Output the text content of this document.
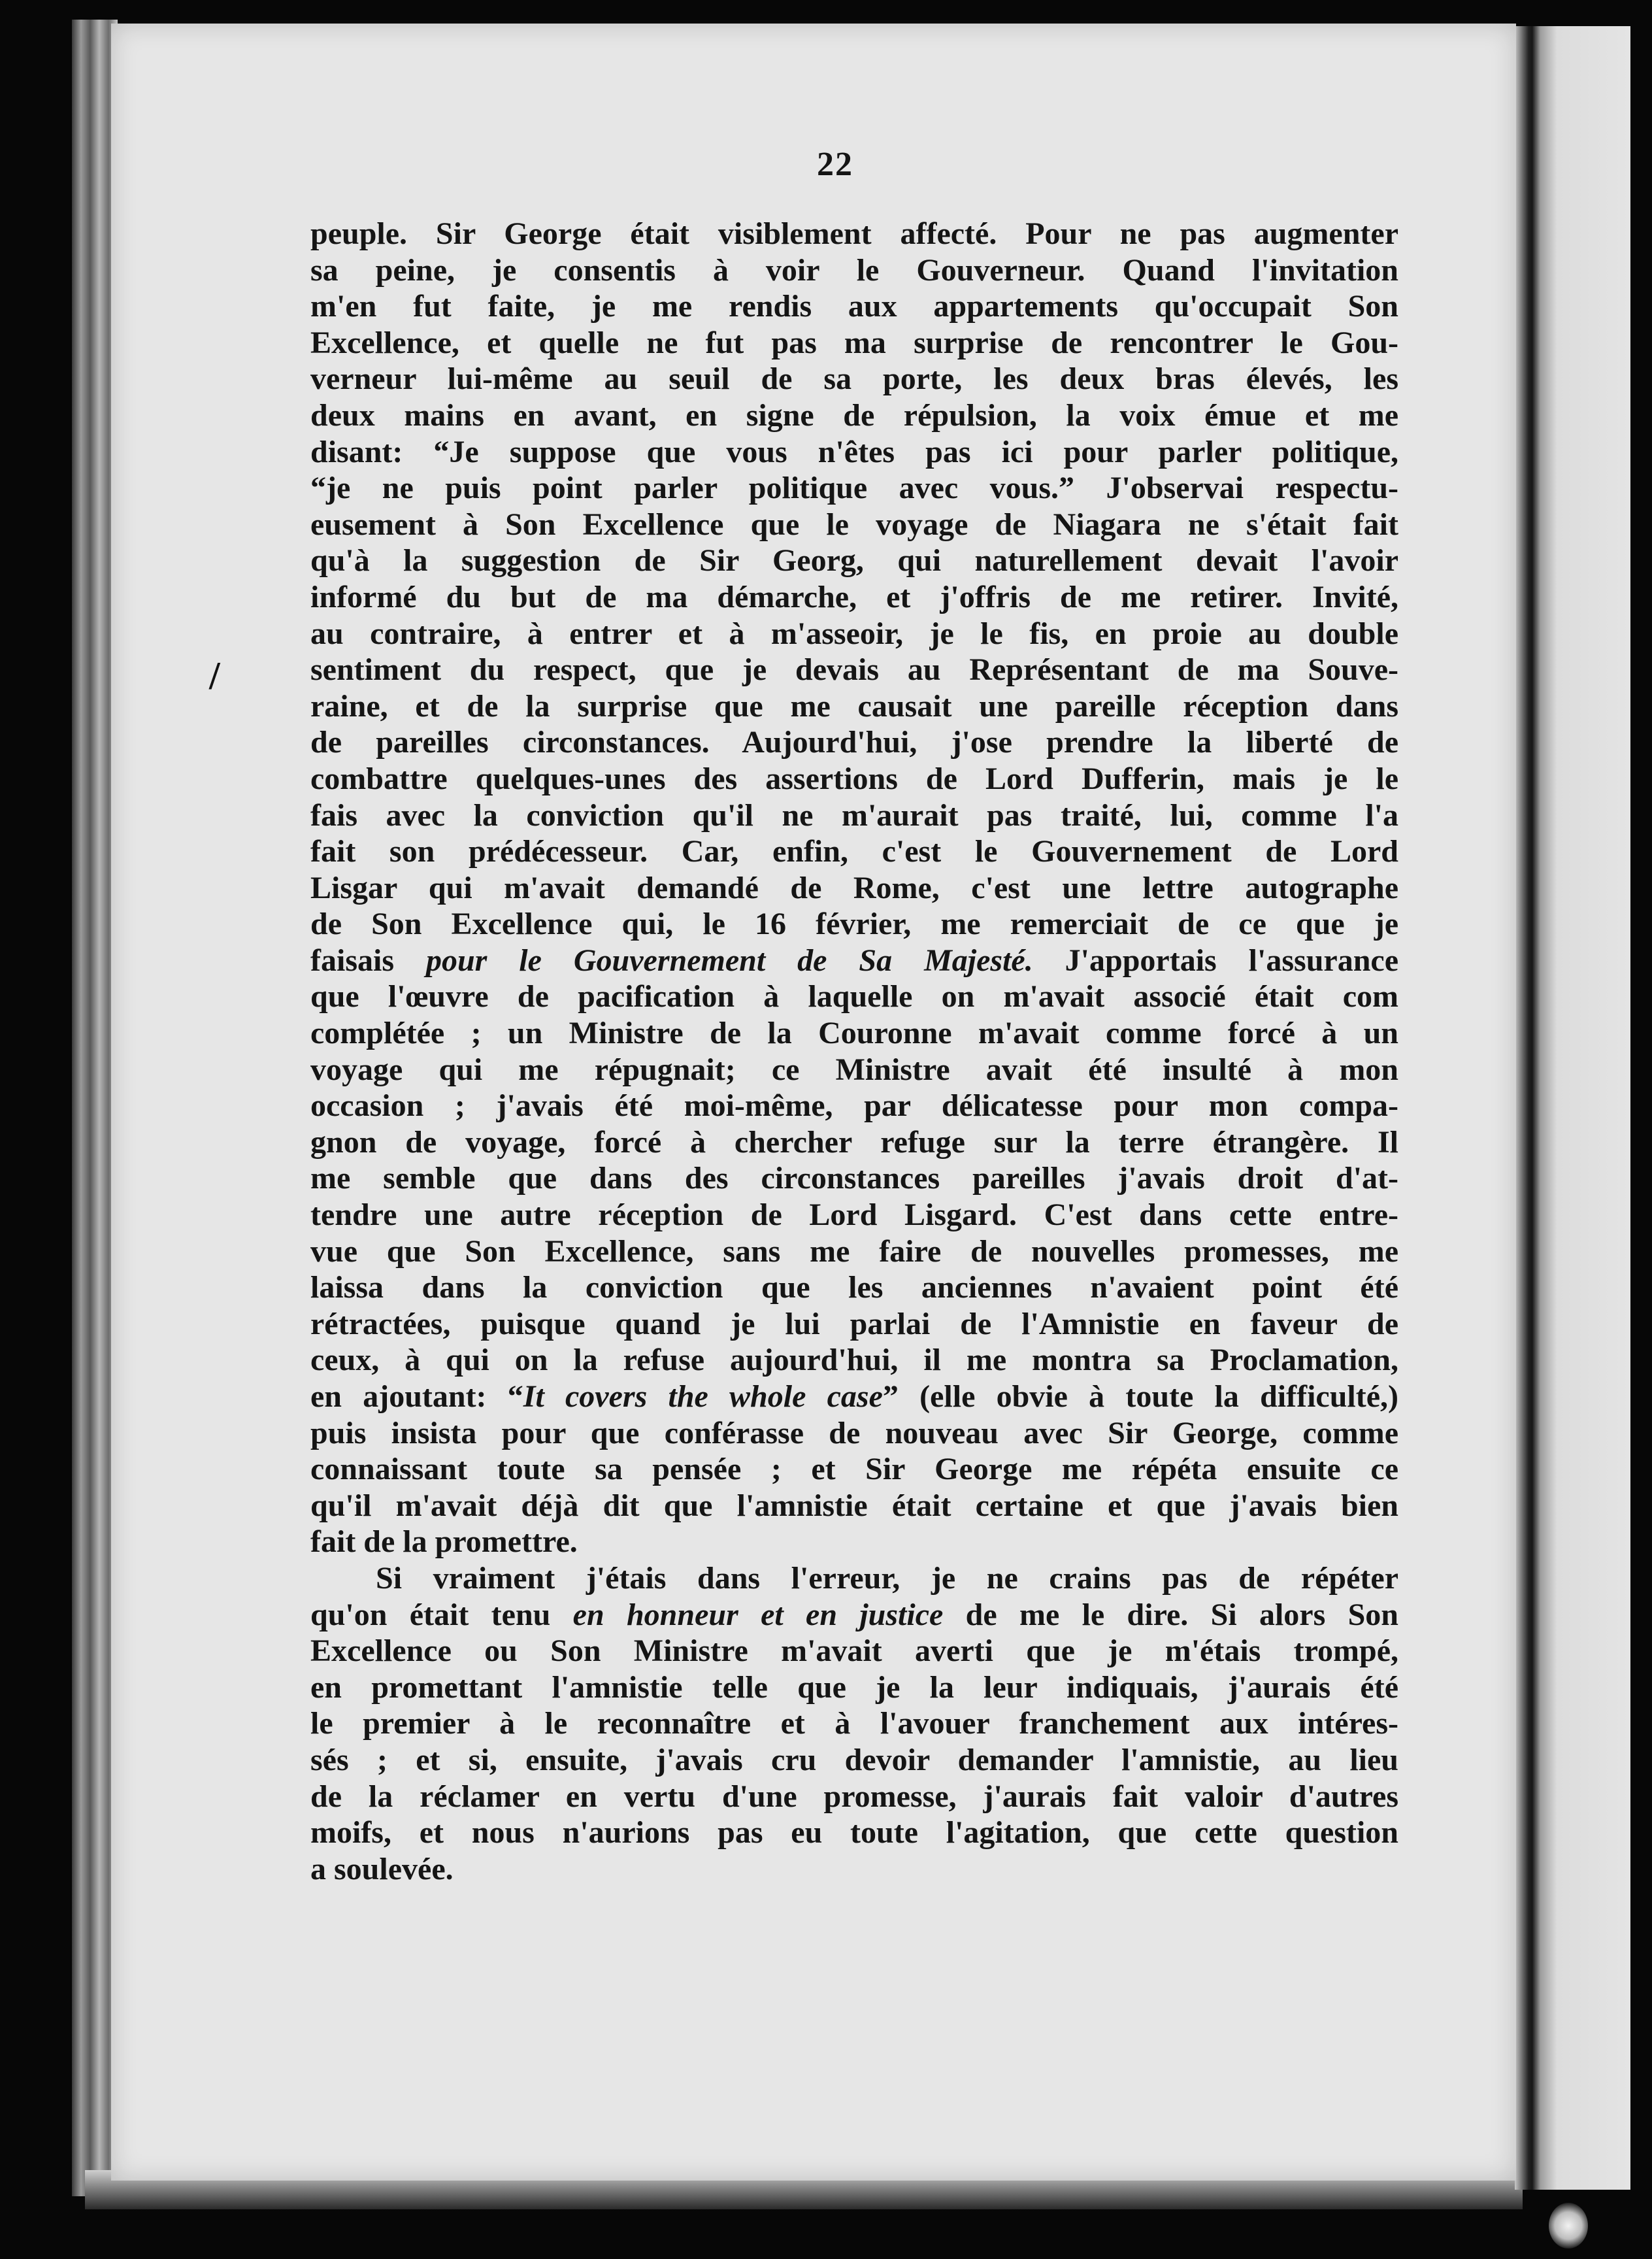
22
peuple. Sir George était visiblement affecté. Pour ne pas augmenter
sa peine, je consentis à voir le Gouverneur. Quand l'invitation
m'en fut faite, je me rendis aux appartements qu'occupait Son
Excellence, et quelle ne fut pas ma surprise de rencontrer le Gou-
verneur lui-même au seuil de sa porte, les deux bras élevés, les
deux mains en avant, en signe de répulsion, la voix émue et me
disant: “Je suppose que vous n'êtes pas ici pour parler politique,
“je ne puis point parler politique avec vous.” J'observai respectu-
eusement à Son Excellence que le voyage de Niagara ne s'était fait
qu'à la suggestion de Sir Georg, qui naturellement devait l'avoir
informé du but de ma démarche, et j'offris de me retirer. Invité,
au contraire, à entrer et à m'asseoir, je le fis, en proie au double
sentiment du respect, que je devais au Représentant de ma Souve-
raine, et de la surprise que me causait une pareille réception dans
de pareilles circonstances. Aujourd'hui, j'ose prendre la liberté de
combattre quelques-unes des assertions de Lord Dufferin, mais je le
fais avec la conviction qu'il ne m'aurait pas traité, lui, comme l'a
fait son prédécesseur. Car, enfin, c'est le Gouvernement de Lord
Lisgar qui m'avait demandé de Rome, c'est une lettre autographe
de Son Excellence qui, le 16 février, me remerciait de ce que je
faisais pour le Gouvernement de Sa Majesté. J'apportais l'assurance
que l'œuvre de pacification à laquelle on m'avait associé était com
complétée ; un Ministre de la Couronne m'avait comme forcé à un
voyage qui me répugnait; ce Ministre avait été insulté à mon
occasion ; j'avais été moi-même, par délicatesse pour mon compa-
gnon de voyage, forcé à chercher refuge sur la terre étrangère. Il
me semble que dans des circonstances pareilles j'avais droit d'at-
tendre une autre réception de Lord Lisgard. C'est dans cette entre-
vue que Son Excellence, sans me faire de nouvelles promesses, me
laissa dans la conviction que les anciennes n'avaient point été
rétractées, puisque quand je lui parlai de l'Amnistie en faveur de
ceux, à qui on la refuse aujourd'hui, il me montra sa Proclamation,
en ajoutant: “It covers the whole case” (elle obvie à toute la difficulté,)
puis insista pour que conférasse de nouveau avec Sir George, comme
connaissant toute sa pensée ; et Sir George me répéta ensuite ce
qu'il m'avait déjà dit que l'amnistie était certaine et que j'avais bien
fait de la promettre.
Si vraiment j'étais dans l'erreur, je ne crains pas de répéter
qu'on était tenu en honneur et en justice de me le dire. Si alors Son
Excellence ou Son Ministre m'avait averti que je m'étais trompé,
en promettant l'amnistie telle que je la leur indiquais, j'aurais été
le premier à le reconnaître et à l'avouer franchement aux intéres-
sés ; et si, ensuite, j'avais cru devoir demander l'amnistie, au lieu
de la réclamer en vertu d'une promesse, j'aurais fait valoir d'autres
moifs, et nous n'aurions pas eu toute l'agitation, que cette question
a soulevée.
/
